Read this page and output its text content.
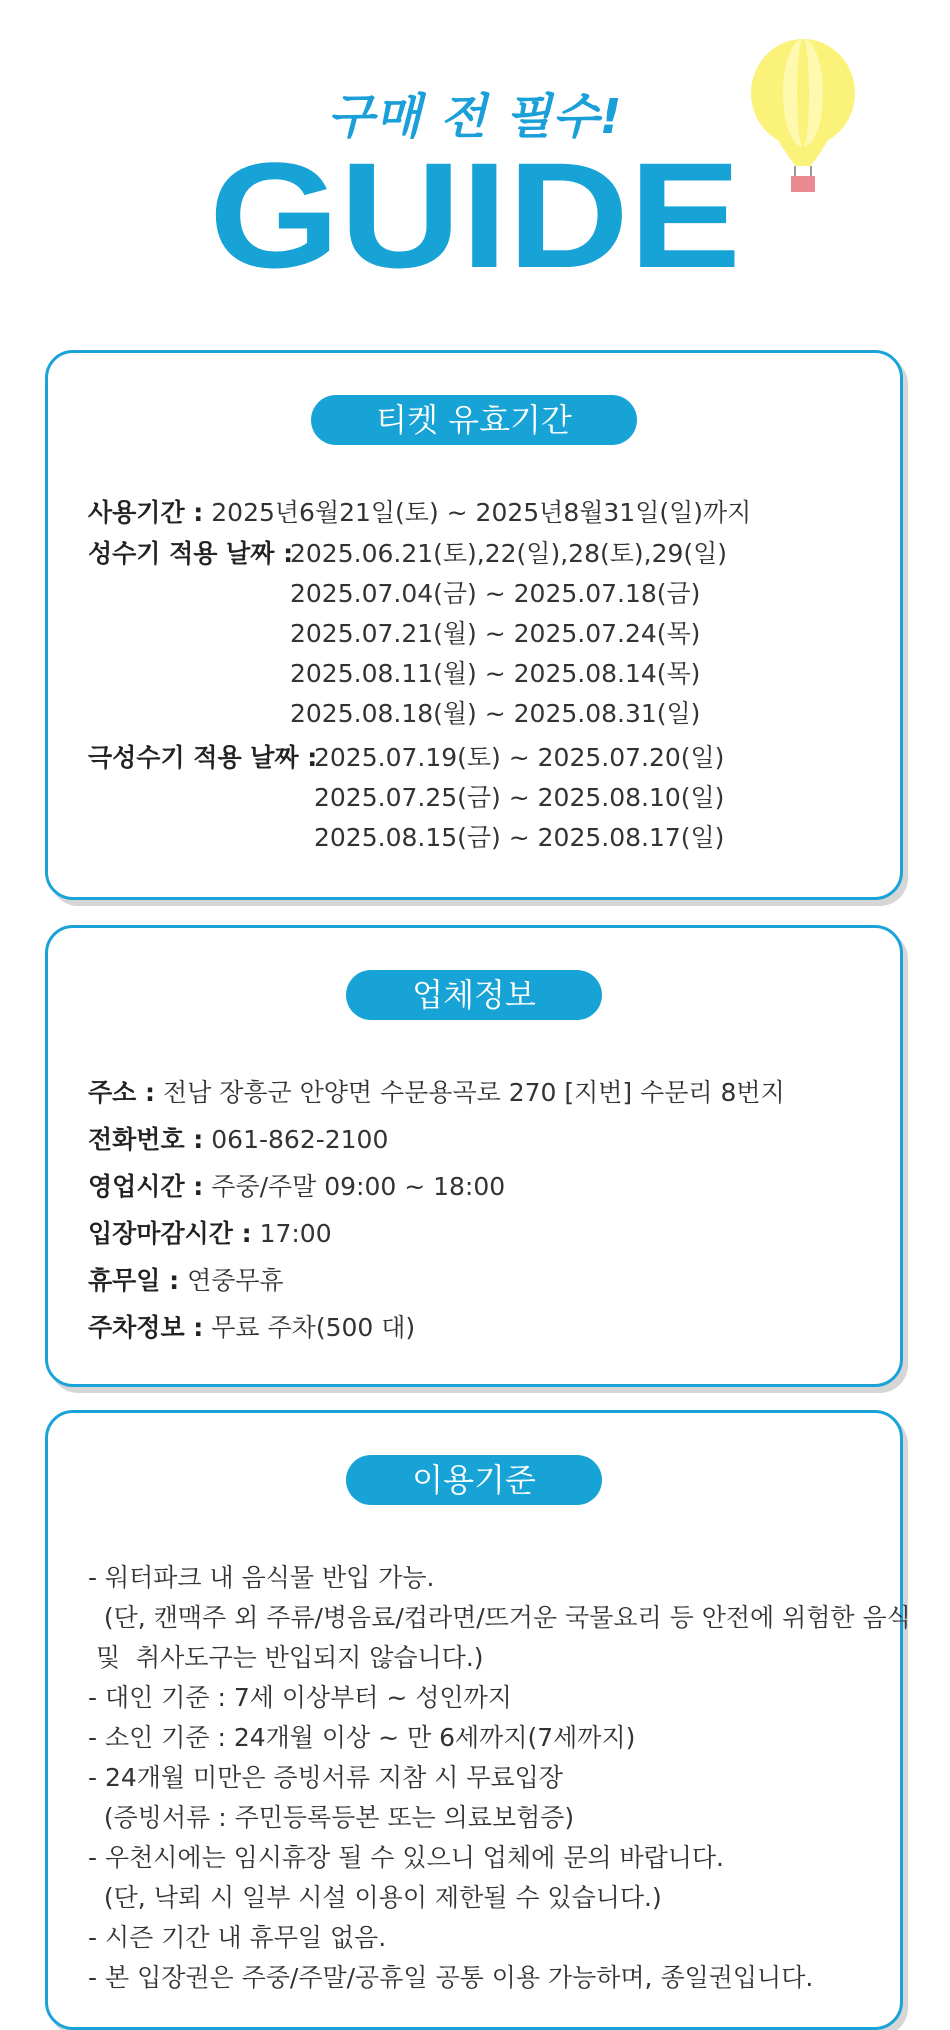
구매 전 필수!
GUIDE
티켓 유효기간
사용기간 : 2025년6월21일(토) ~ 2025년8월31일(일)까지
성수기 적용 날짜 :
2025.06.21(토),22(일),28(토),29(일)
2025.07.04(금) ~ 2025.07.18(금)
2025.07.21(월) ~ 2025.07.24(목)
2025.08.11(월) ~ 2025.08.14(목)
2025.08.18(월) ~ 2025.08.31(일)
극성수기 적용 날짜 :
2025.07.19(토) ~ 2025.07.20(일)
2025.07.25(금) ~ 2025.08.10(일)
2025.08.15(금) ~ 2025.08.17(일)
업체정보
주소 : 전남 장흥군 안양면 수문용곡로 270 [지번] 수문리 8번지
전화번호 : 061-862-2100
영업시간 : 주중/주말 09:00 ~ 18:00
입장마감시간 : 17:00
휴무일 : 연중무휴
주차정보 : 무료 주차(500 대)
이용기준
- 워터파크 내 음식물 반입 가능.
(단, 캔맥주 외 주류/병음료/컵라면/뜨거운 국물요리 등 안전에 위험한 음식
및  취사도구는 반입되지 않습니다.)
- 대인 기준 : 7세 이상부터 ~ 성인까지
- 소인 기준 : 24개월 이상 ~ 만 6세까지(7세까지)
- 24개월 미만은 증빙서류 지참 시 무료입장
(증빙서류 : 주민등록등본 또는 의료보험증)
- 우천시에는 임시휴장 될 수 있으니 업체에 문의 바랍니다.
(단, 낙뢰 시 일부 시설 이용이 제한될 수 있습니다.)
- 시즌 기간 내 휴무일 없음.
- 본 입장권은 주중/주말/공휴일 공통 이용 가능하며, 종일권입니다.
